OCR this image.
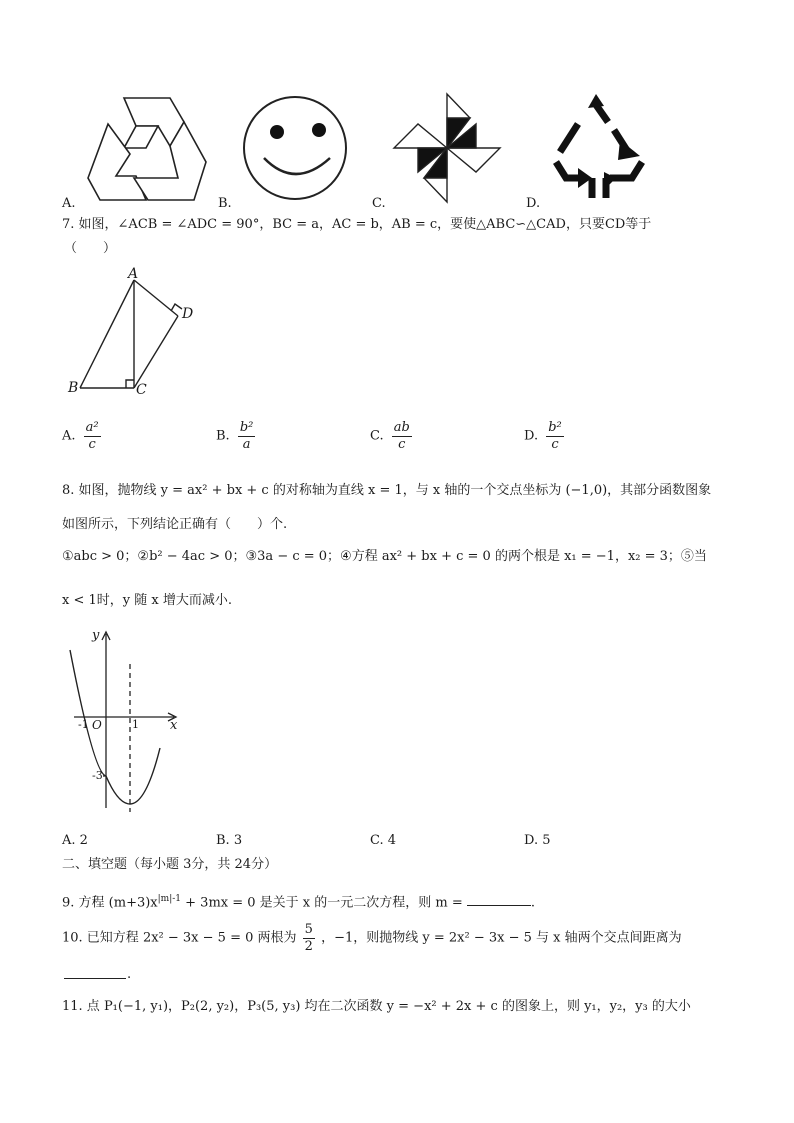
A.	B.	C.	D.
7. 如图，∠ACB = ∠ADC = 90°，BC = a，AC = b，AB = c，要使△ABC∽△CAD，只要CD等于
（　　）
A
D
B	C
A. $\frac{\text{a²}}{c}$	B. $\frac{\text{b²}}{a}$	C. $\frac{ab}{c}$	D. $\frac{\text{b²}}{c}$
8. 如图，抛物线 y = ax² + bx + c 的对称轴为直线 x = 1，与 x 轴的一个交点坐标为 (−1,0)，其部分函数图象
如图所示，下列结论正确有（　　）个.
①abc > 0；②b² − 4ac > 0；③3a − c = 0；④方程 ax² + bx + c = 0 的两个根是 x₁ = −1，x₂ = 3；⑤当
x < 1时，y 随 x 增大而减小.
y
x
O
-1	1
-3
A. 2	B. 3	C. 4	D. 5
二、填空题（每小题 3分，共 24分）
9. 方程 $(m+3)x^{|m|-1} + 3mx = 0$ 是关于 x 的一元二次方程，则 m =	.
10. 已知方程 2x² − 3x − 5 = 0 两根为 $\frac{5}{2}$ ，−1，则抛物线 y = 2x² − 3x − 5 与 x 轴两个交点间距离为
.
11. 点 P₁(−1, y₁)，P₂(2, y₂)，P₃(5, y₃) 均在二次函数 y = −x² + 2x + c 的图象上，则 y₁，y₂，y₃ 的大小
